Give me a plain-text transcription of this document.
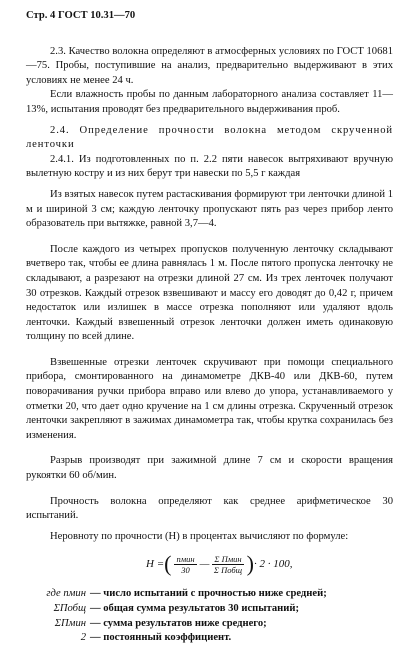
Стр. 4 ГОСТ 10.31—70

2.3. Качество волокна определяют в атмосферных условиях по ГОСТ 10681—75. Пробы, поступившие на анализ, предварительно выдерживают в этих условиях не менее 24 ч.

Если влажность пробы по данным лабораторного анализа составляет 11—13%, испытания проводят без предварительного выдерживания проб.

2.4. Определение прочности волокна методом скрученной ленточки

2.4.1. Из подготовленных по п. 2.2 пяти навесок вытряхивают вручную вылетную костру и из них берут три навески по 5,5 г каждая

Из взятых навесок путем растаскивания формируют три ленточки длиной 1 м и шириной 3 см; каждую ленточку пропускают пять раз через прибор ленто образователь при вытяжке, равной 3,7—4.

После каждого из четырех пропусков полученную ленточку складывают вчетверо так, чтобы ее длина равнялась 1 м. После пятого пропуска ленточку не складывают, а разрезают на отрезки длиной 27 см. Из трех ленточек получают 30 отрезков. Каждый отрезок взвешивают и массу его доводят до 0,42 г, причем недостаток или излишек в массе отрезка пополняют или удаляют вдоль ленточки. Каждый взвешенный отрезок ленточки должен иметь одинаковую толщину по всей длине.

Взвешенные отрезки ленточек скручивают при помощи специального прибора, смонтированного на динамометре ДКВ-40 или ДКВ-60, путем поворачивания ручки прибора вправо или влево до упора, устанавливаемого у отметки 20, что дает одно кручение на 1 см длины отрезка. Скрученный отрезок ленточки закрепляют в зажимах динамометра так, чтобы крутка сохранилась без изменения.

Разрыв производят при зажимной длине 7 см и скорости вращения рукоятки 60 об/мин.

Прочность волокна определяют как среднее арифметическое 30 испытаний.

Неровноту по прочности (Н) в процентах вычисляют по формуле:

H = ( $\frac{\text{nмин}}{30}$ — $\frac{\text{Σ Пмин}}{\text{Σ Побщ}}$ ) · 2 · 100,
где nмин — число испытаний с прочностью ниже средней;
ΣПобщ — общая сумма результатов 30 испытаний;
ΣПмин — сумма результатов ниже среднего;
2 — постоянный коэффициент.
